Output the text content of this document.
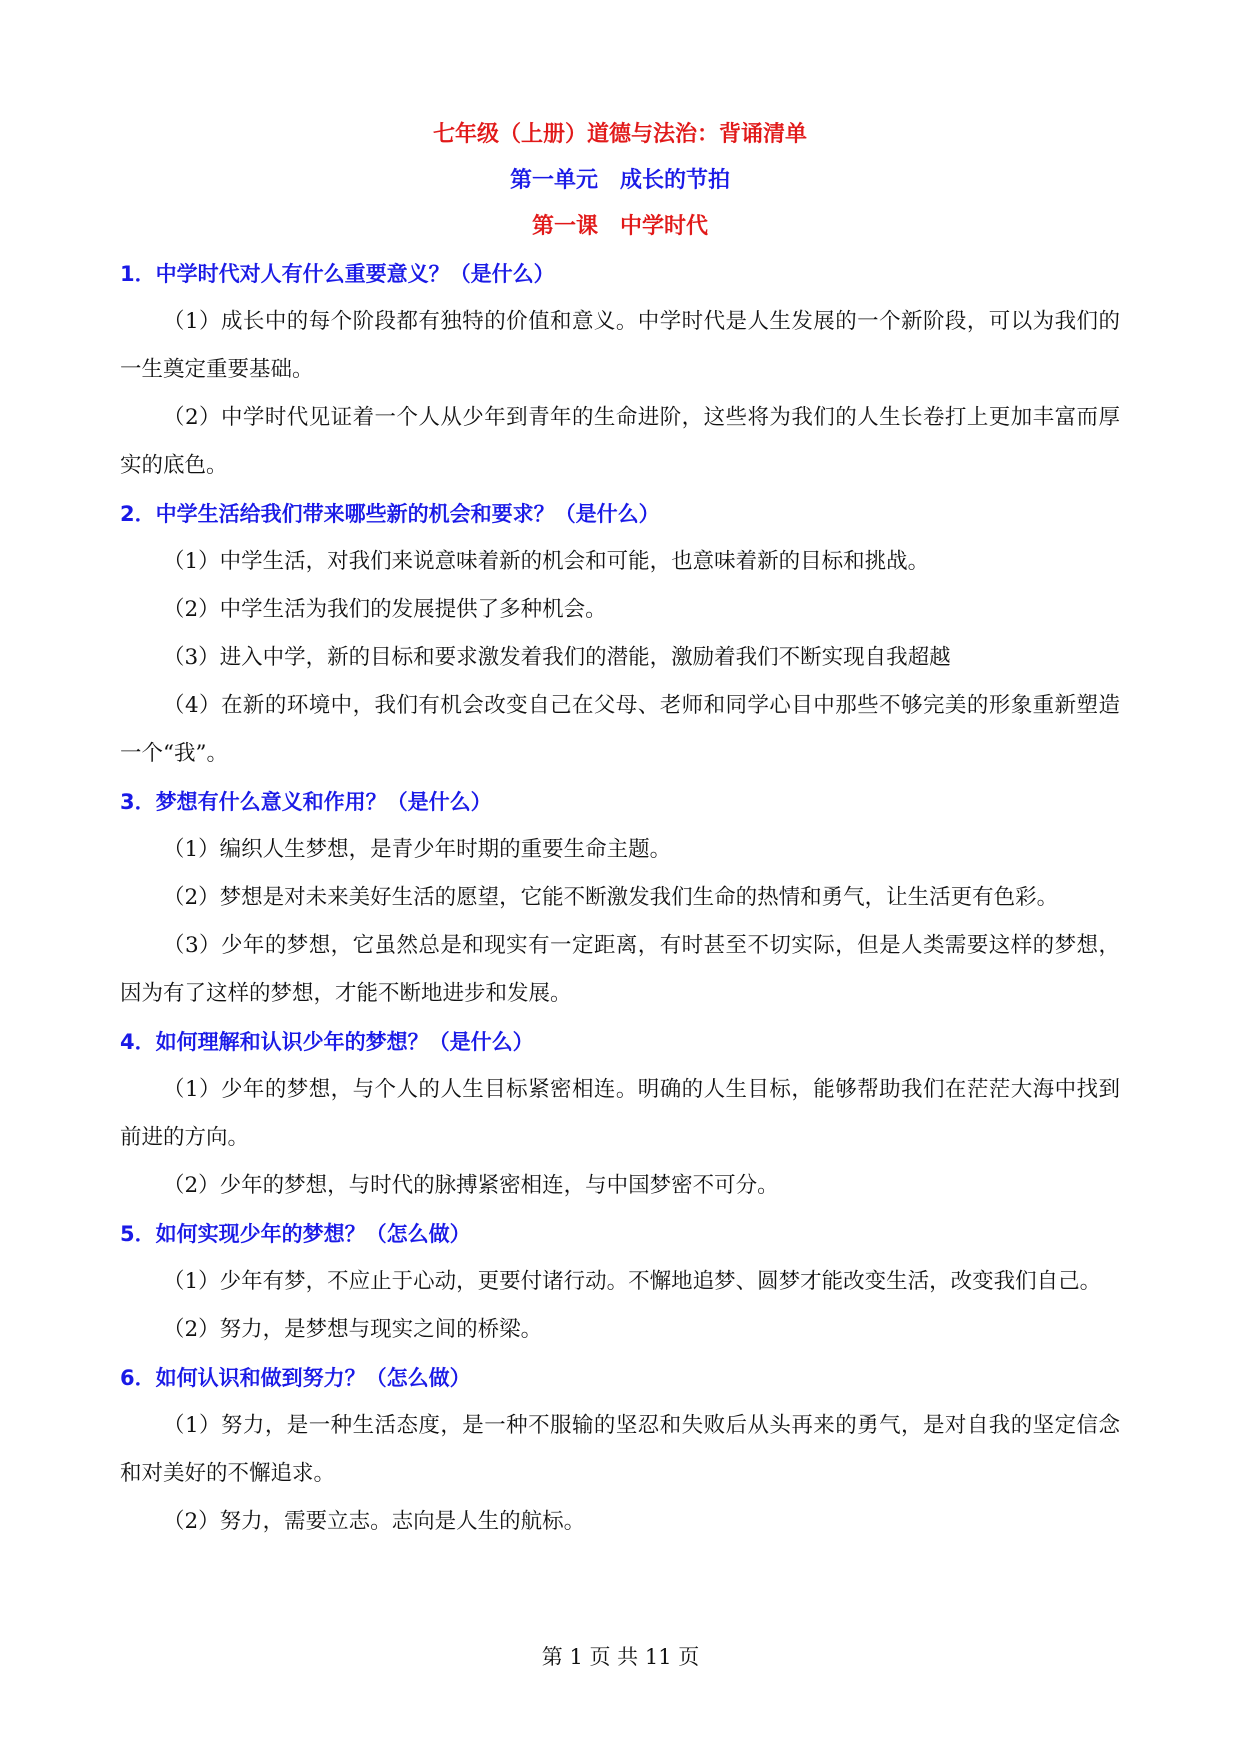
七年级（上册）道德与法治：背诵清单
第一单元　成长的节拍
第一课　中学时代
1．中学时代对人有什么重要意义？（是什么）

（1）成长中的每个阶段都有独特的价值和意义。中学时代是人生发展的一个新阶段，可以为我们的一生奠定重要基础。

（2）中学时代见证着一个人从少年到青年的生命进阶，这些将为我们的人生长卷打上更加丰富而厚实的底色。

2．中学生活给我们带来哪些新的机会和要求？（是什么）

（1）中学生活，对我们来说意味着新的机会和可能，也意味着新的目标和挑战。

（2）中学生活为我们的发展提供了多种机会。

（3）进入中学，新的目标和要求激发着我们的潜能，激励着我们不断实现自我超越

（4）在新的环境中，我们有机会改变自己在父母、老师和同学心目中那些不够完美的形象重新塑造一个“我”。

3．梦想有什么意义和作用？（是什么）

（1）编织人生梦想，是青少年时期的重要生命主题。

（2）梦想是对未来美好生活的愿望，它能不断激发我们生命的热情和勇气，让生活更有色彩。

（3）少年的梦想，它虽然总是和现实有一定距离，有时甚至不切实际，但是人类需要这样的梦想，因为有了这样的梦想，才能不断地进步和发展。

4．如何理解和认识少年的梦想？（是什么）

（1）少年的梦想，与个人的人生目标紧密相连。明确的人生目标，能够帮助我们在茫茫大海中找到前进的方向。

（2）少年的梦想，与时代的脉搏紧密相连，与中国梦密不可分。

5．如何实现少年的梦想？（怎么做）

（1）少年有梦，不应止于心动，更要付诸行动。不懈地追梦、圆梦才能改变生活，改变我们自己。

（2）努力，是梦想与现实之间的桥梁。

6．如何认识和做到努力？（怎么做）

（1）努力，是一种生活态度，是一种不服输的坚忍和失败后从头再来的勇气，是对自我的坚定信念和对美好的不懈追求。

（2）努力，需要立志。志向是人生的航标。

第 1 页 共 11 页
